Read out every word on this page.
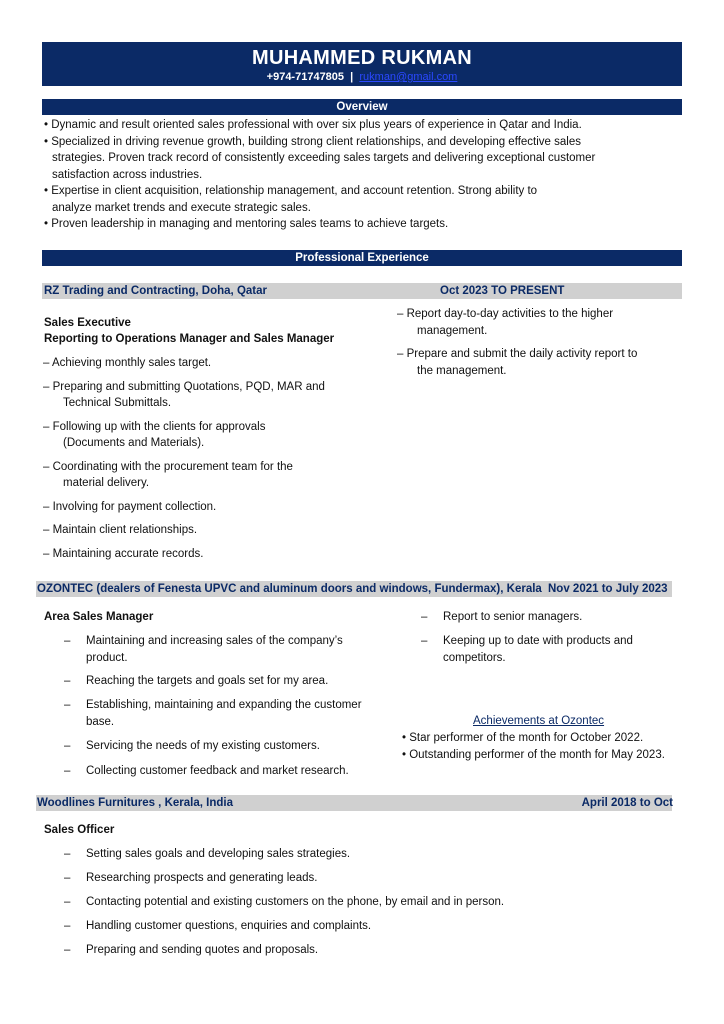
MUHAMMED RUKMAN
+974-71747805 | rukman@gmail.com
Overview
• Dynamic and result oriented sales professional with over six plus years of experience in Qatar and India.
• Specialized in driving revenue growth, building strong client relationships, and developing effective sales
strategies. Proven track record of consistently exceeding sales targets and delivering exceptional customer
satisfaction across industries.
• Expertise in client acquisition, relationship management, and account retention. Strong ability to
analyze market trends and execute strategic sales.
• Proven leadership in managing and mentoring sales teams to achieve targets.
Professional Experience
RZ Trading and Contracting, Doha, Qatar	Oct 2023 TO PRESENT
Sales Executive
Reporting to Operations Manager and Sales Manager
– Achieving monthly sales target.
– Preparing and submitting Quotations, PQD, MAR and
Technical Submittals.
– Following up with the clients for approvals
(Documents and Materials).
– Coordinating with the procurement team for the
material delivery.
– Involving for payment collection.
– Maintain client relationships.
– Maintaining accurate records.
– Report day-to-day activities to the higher
management.
– Prepare and submit the daily activity report to
the management.
OZONTEC (dealers of Fenesta UPVC and aluminum doors and windows, Fundermax), Kerala Nov 2021 to July 2023
Area Sales Manager
– Maintaining and increasing sales of the company’s
product.
– Reaching the targets and goals set for my area.
– Establishing, maintaining and expanding the customer
base.
– Servicing the needs of my existing customers.
– Collecting customer feedback and market research.
– Report to senior managers.
– Keeping up to date with products and
competitors.
Achievements at Ozontec
• Star performer of the month for October 2022.
• Outstanding performer of the month for May 2023.
Woodlines Furnitures , Kerala, India	April 2018 to Oct
Sales Officer
– Setting sales goals and developing sales strategies.
– Researching prospects and generating leads.
– Contacting potential and existing customers on the phone, by email and in person.
– Handling customer questions, enquiries and complaints.
– Preparing and sending quotes and proposals.
